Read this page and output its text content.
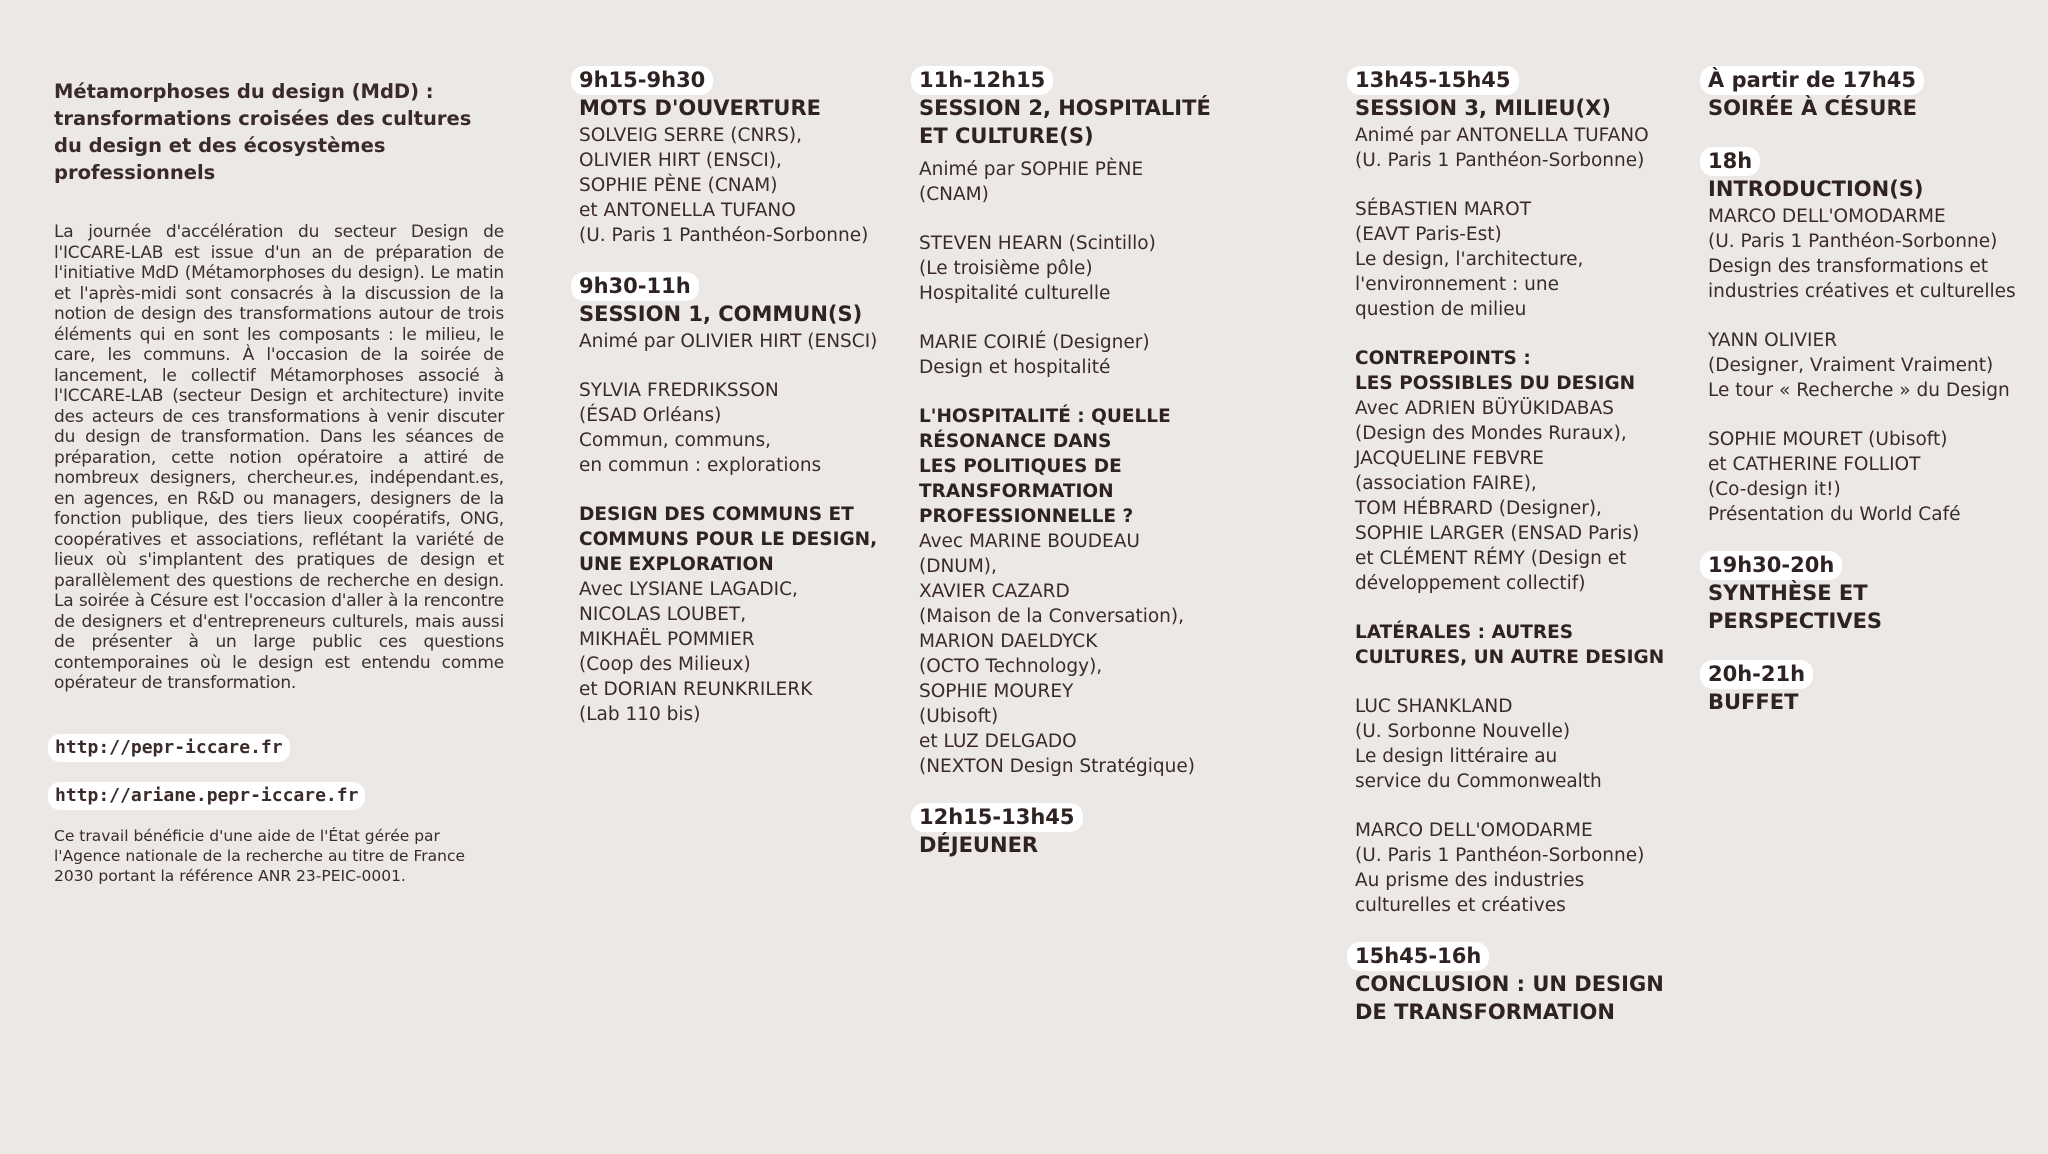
Métamorphoses du design (MdD) : transformations croisées des cultures du design et des écosystèmes professionnels
La journée d'accélération du secteur Design de l'ICCARE-LAB est issue d'un an de préparation de l'initiative MdD (Métamorphoses du design). Le matin et l'après-midi sont consacrés à la discussion de la notion de design des transformations autour de trois éléments qui en sont les composants : le milieu, le care, les communs. À l'occasion de la soirée de lancement, le collectif Métamorphoses associé à l'ICCARE-LAB (secteur Design et architecture) invite des acteurs de ces transformations à venir discuter du design de transformation. Dans les séances de préparation, cette notion opératoire a attiré de nombreux designers, chercheur.es, indépendant.es, en agences, en R&D ou managers, designers de la fonction publique, des tiers lieux coopératifs, ONG, coopératives et associations, reflétant la variété de lieux où s'implantent des pratiques de design et parallèlement des questions de recherche en design. La soirée à Césure est l'occasion d'aller à la rencontre de designers et d'entrepreneurs culturels, mais aussi de présenter à un large public ces questions contemporaines où le design est entendu comme opérateur de transformation.
http://pepr-iccare.fr
http://ariane.pepr-iccare.fr
Ce travail bénéficie d'une aide de l'État gérée par l'Agence nationale de la recherche au titre de France 2030 portant la référence ANR 23-PEIC-0001.
9h15-9h30
MOTS D'OUVERTURE
SOLVEIG SERRE (CNRS),
OLIVIER HIRT (ENSCI),
SOPHIE PÈNE (CNAM)
et ANTONELLA TUFANO
(U. Paris 1 Panthéon-Sorbonne)
9h30-11h
SESSION 1, COMMUN(S)
Animé par OLIVIER HIRT (ENSCI)
SYLVIA FREDRIKSSON
(ÉSAD Orléans)
Commun, communs,
en commun : explorations
DESIGN DES COMMUNS ET
COMMUNS POUR LE DESIGN,
UNE EXPLORATION
Avec LYSIANE LAGADIC,
NICOLAS LOUBET,
MIKHAËL POMMIER
(Coop des Milieux)
et DORIAN REUNKRILERK
(Lab 110 bis)
11h-12h15
SESSION 2, HOSPITALITÉ
ET CULTURE(S)
Animé par SOPHIE PÈNE
(CNAM)
STEVEN HEARN (Scintillo)
(Le troisième pôle)
Hospitalité culturelle
MARIE COIRIÉ (Designer)
Design et hospitalité
L'HOSPITALITÉ : QUELLE
RÉSONANCE DANS
LES POLITIQUES DE
TRANSFORMATION
PROFESSIONNELLE ?
Avec MARINE BOUDEAU
(DNUM),
XAVIER CAZARD
(Maison de la Conversation),
MARION DAELDYCK
(OCTO Technology),
SOPHIE MOUREY
(Ubisoft)
et LUZ DELGADO
(NEXTON Design Stratégique)
12h15-13h45
DÉJEUNER
13h45-15h45
SESSION 3, MILIEU(X)
Animé par ANTONELLA TUFANO
(U. Paris 1 Panthéon-Sorbonne)
SÉBASTIEN MAROT
(EAVT Paris-Est)
Le design, l'architecture,
l'environnement : une
question de milieu
CONTREPOINTS :
LES POSSIBLES DU DESIGN
Avec ADRIEN BÜYÜKIDABAS
(Design des Mondes Ruraux),
JACQUELINE FEBVRE
(association FAIRE),
TOM HÉBRARD (Designer),
SOPHIE LARGER (ENSAD Paris)
et CLÉMENT RÉMY (Design et
développement collectif)
LATÉRALES : AUTRES
CULTURES, UN AUTRE DESIGN
LUC SHANKLAND
(U. Sorbonne Nouvelle)
Le design littéraire au
service du Commonwealth
MARCO DELL'OMODARME
(U. Paris 1 Panthéon-Sorbonne)
Au prisme des industries
culturelles et créatives
15h45-16h
CONCLUSION : UN DESIGN
DE TRANSFORMATION
À partir de 17h45
SOIRÉE À CÉSURE
18h
INTRODUCTION(S)
MARCO DELL'OMODARME
(U. Paris 1 Panthéon-Sorbonne)
Design des transformations et
industries créatives et culturelles
YANN OLIVIER
(Designer, Vraiment Vraiment)
Le tour « Recherche » du Design
SOPHIE MOURET (Ubisoft)
et CATHERINE FOLLIOT
(Co-design it!)
Présentation du World Café
19h30-20h
SYNTHÈSE ET
PERSPECTIVES
20h-21h
BUFFET
